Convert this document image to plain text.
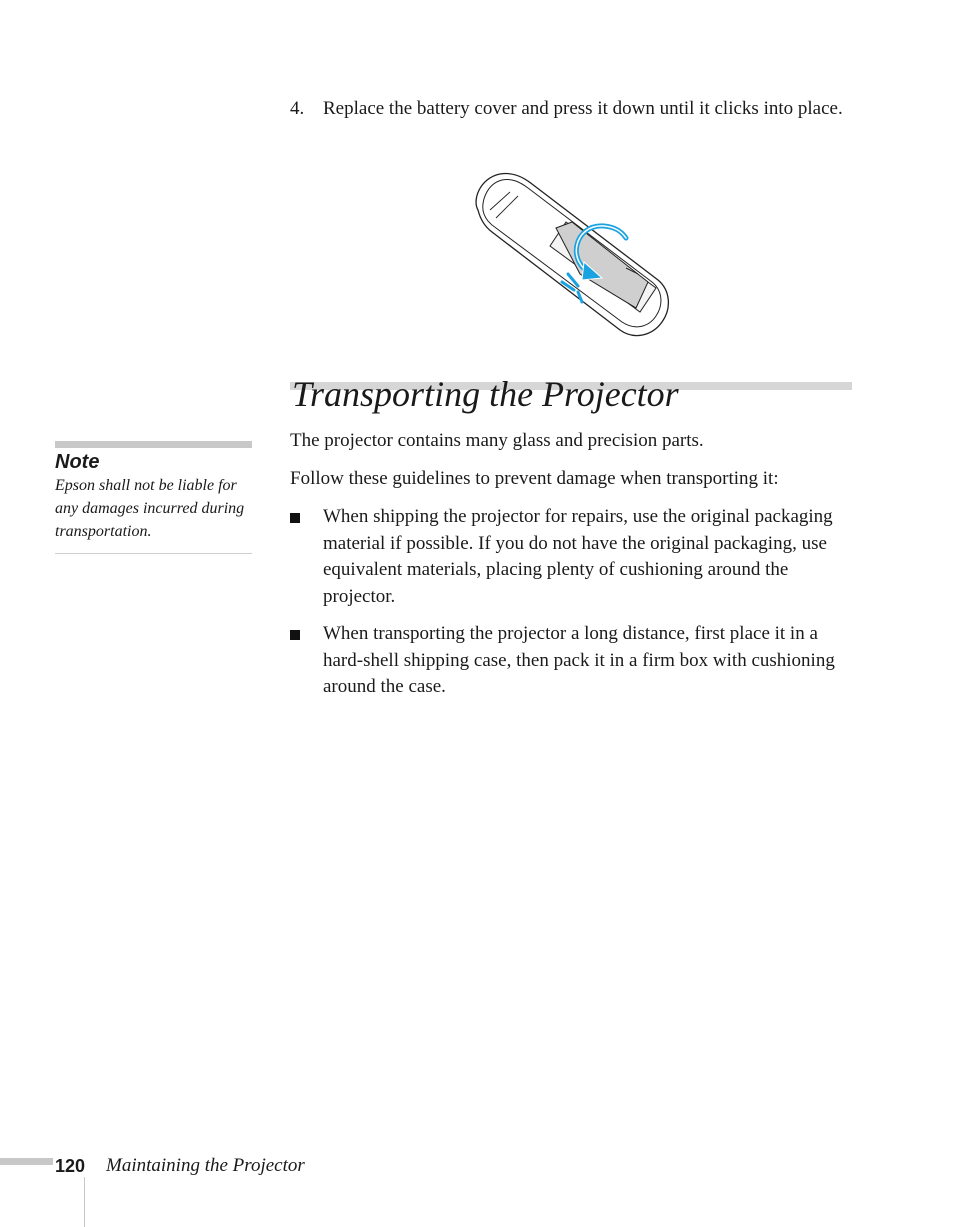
4. Replace the battery cover and press it down until it clicks into place.
Transporting the Projector
The projector contains many glass and precision parts.
Follow these guidelines to prevent damage when transporting it:
When shipping the projector for repairs, use the original packaging material if possible. If you do not have the original packaging, use equivalent materials, placing plenty of cushioning around the projector.
When transporting the projector a long distance, first place it in a hard-shell shipping case, then pack it in a firm box with cushioning around the case.
Note
Epson shall not be liable for any damages incurred during transportation.
120 Maintaining the Projector
